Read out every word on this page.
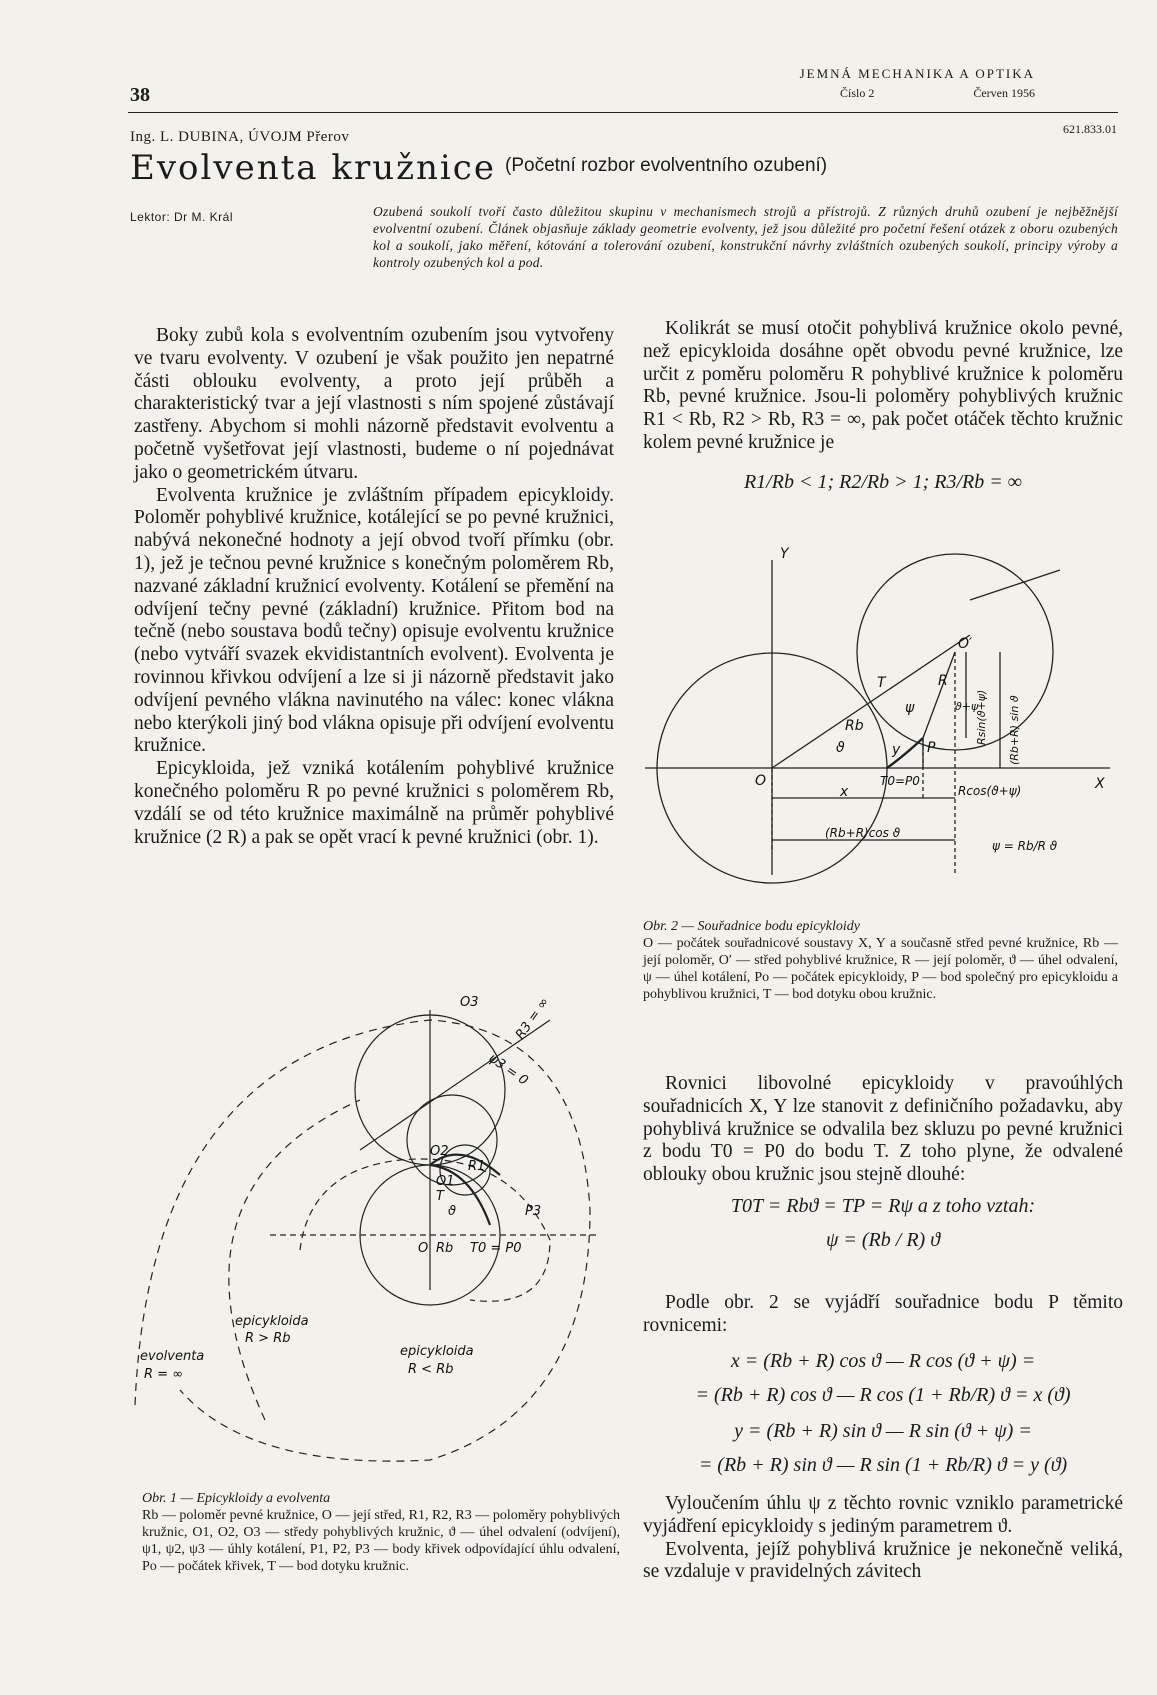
38
JEMNÁ MECHANIKA A OPTIKA
Číslo 2	Červen 1956
Ing. L. DUBINA, ÚVOJM Přerov	621.833.01
Evolventa kružnice (Početní rozbor evolventního ozubení)
Lektor: Dr M. Král	Ozubená soukolí tvoří často důležitou skupinu v mechanismech strojů a přístrojů. Z různých druhů ozubení je nejběžnější evolventní ozubení. Článek objasňuje základy geometrie evolventy, jež jsou důležité pro početní řešení otázek z oboru ozubených kol a soukolí, jako měření, kótování a tolerování ozubení, konstrukční návrhy zvláštních ozubených soukolí, principy výroby a kontroly ozubených kol a pod.

Boky zubů kola s evolventním ozubením jsou vytvořeny ve tvaru evolventy. V ozubení je však použito jen nepatrné části oblouku evolventy, a proto její průběh a charakteristický tvar a její vlastnosti s ním spojené zůstávají zastřeny. Abychom si mohli názorně představit evolventu a početně vyšetřovat její vlastnosti, budeme o ní pojednávat jako o geometrickém útvaru.

Evolventa kružnice je zvláštním případem epicykloidy. Poloměr pohyblivé kružnice, kotálející se po pevné kružnici, nabývá nekonečné hodnoty a její obvod tvoří přímku (obr. 1), jež je tečnou pevné kružnice s konečným poloměrem Rb, nazvané základní kružnicí evolventy. Kotálení se přemění na odvíjení tečny pevné (základní) kružnice. Přitom bod na tečně (nebo soustava bodů tečny) opisuje evolventu kružnice (nebo vytváří svazek ekvidistantních evolvent). Evolventa je rovinnou křivkou odvíjení a lze si ji názorně představit jako odvíjení pevného vlákna navinutého na válec: konec vlákna nebo kterýkoli jiný bod vlákna opisuje při odvíjení evolventu kružnice.

Epicykloida, jež vzniká kotálením pohyblivé kružnice konečného poloměru R po pevné kružnici s poloměrem Rb, vzdálí se od této kružnice maximálně na průměr pohyblivé kružnice (2 R) a pak se opět vrací k pevné kružnici (obr. 1).

Kolikrát se musí otočit pohyblivá kružnice okolo pevné, než epicykloida dosáhne opět obvodu pevné kružnice, lze určit z poměru poloměru R pohyblivé kružnice k poloměru Rb, pevné kružnice. Jsou-li poloměry pohyblivých kružnic R1 < Rb, R2 > Rb, R3 = ∞, pak počet otáček těchto kružnic kolem pevné kružnice je

R1/Rb < 1; R2/Rb > 1; R3/Rb = ∞

Rovnici libovolné epicykloidy v pravoúhlých souřadnicích X, Y lze stanovit z definičního požadavku, aby pohyblivá kružnice se odvalila bez skluzu po pevné kružnici z bodu T0 = P0 do bodu T. Z toho plyne, že odvalené oblouky obou kružnic jsou stejně dlouhé:

T0T = Rbϑ = TP = Rψ a z toho vztah:
ψ = (Rb / R) ϑ

Podle obr. 2 se vyjádří souřadnice bodu P těmito rovnicemi:

x = (Rb + R) cos ϑ — R cos (ϑ + ψ) =
= (Rb + R) cos ϑ — R cos (1 + Rb/R) ϑ = x (ϑ)
y = (Rb + R) sin ϑ — R sin (ϑ + ψ) =
= (Rb + R) sin ϑ — R sin (1 + Rb/R) ϑ = y (ϑ)

Vyloučením úhlu ψ z těchto rovnic vzniklo parametrické vyjádření epicykloidy s jediným parametrem ϑ.

Evolventa, jejíž pohyblivá kružnice je nekonečně veliká, se vzdaluje v pravidelných závitech

Y
X
O
O′
R
Rb
T
P
ψ
ϑ
ϑ+ψ
T0=P0
x
y
Rcos(ϑ+ψ)
(Rb+R)cos ϑ
Rsin(ϑ+ψ) (Rb+R) sin ϑ
ψ = Rb/R ϑ
Obr. 2 — Souřadnice bodu epicykloidy
O — počátek souřadnicové soustavy X, Y a současně střed pevné kružnice, Rb — její poloměr, O′ — střed pohyblivé kružnice, R — její poloměr, ϑ — úhel odvalení, ψ — úhel kotálení, Po — počátek epicykloidy, P — bod společný pro epicykloidu a pohyblivou kružnici, T — bod dotyku obou kružnic.
O3	R3 = ∞
ψ3 = 0
O2
O1
R1
P3
T
O Rb T0 = P0
ϑ
epicykloida
R > Rb
epicykloida
R < Rb
evolventa
R = ∞
Obr. 1 — Epicykloidy a evolventa
Rb — poloměr pevné kružnice, O — její střed, R1, R2, R3 — poloměry pohyblivých kružnic, O1, O2, O3 — středy pohyblivých kružnic, ϑ — úhel odvalení (odvíjení), ψ1, ψ2, ψ3 — úhly kotálení, P1, P2, P3 — body křivek odpovídající úhlu odvalení, Po — počátek křivek, T — bod dotyku kružnic.
